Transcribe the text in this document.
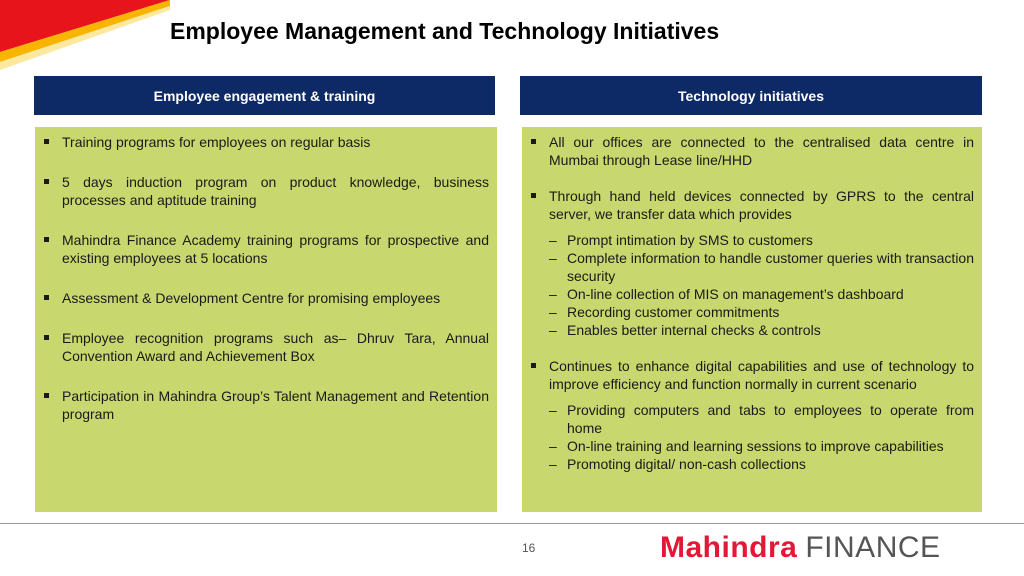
Employee Management and Technology Initiatives
Employee engagement & training	Technology initiatives
Training programs for employees on regular basis
5 days induction program on product knowledge, business processes and aptitude training
Mahindra Finance Academy training programs for prospective and existing employees at 5 locations
Assessment & Development Centre for promising employees
Employee recognition programs such as– Dhruv Tara, Annual Convention Award and Achievement Box
Participation in Mahindra Group’s Talent Management and Retention program
All our offices are connected to the centralised data centre in Mumbai through Lease line/HHD
Through hand held devices connected by GPRS to the central server, we transfer data which provides
– Prompt intimation by SMS to customers
– Complete information to handle customer queries with transaction security
– On-line collection of MIS on management’s dashboard
– Recording customer commitments
– Enables better internal checks & controls
Continues to enhance digital capabilities and use of technology to improve efficiency and function normally in current scenario
– Providing computers and tabs to employees to operate from home
– On-line training and learning sessions to improve capabilities
– Promoting digital/ non-cash collections
16	Mahindra FINANCE
